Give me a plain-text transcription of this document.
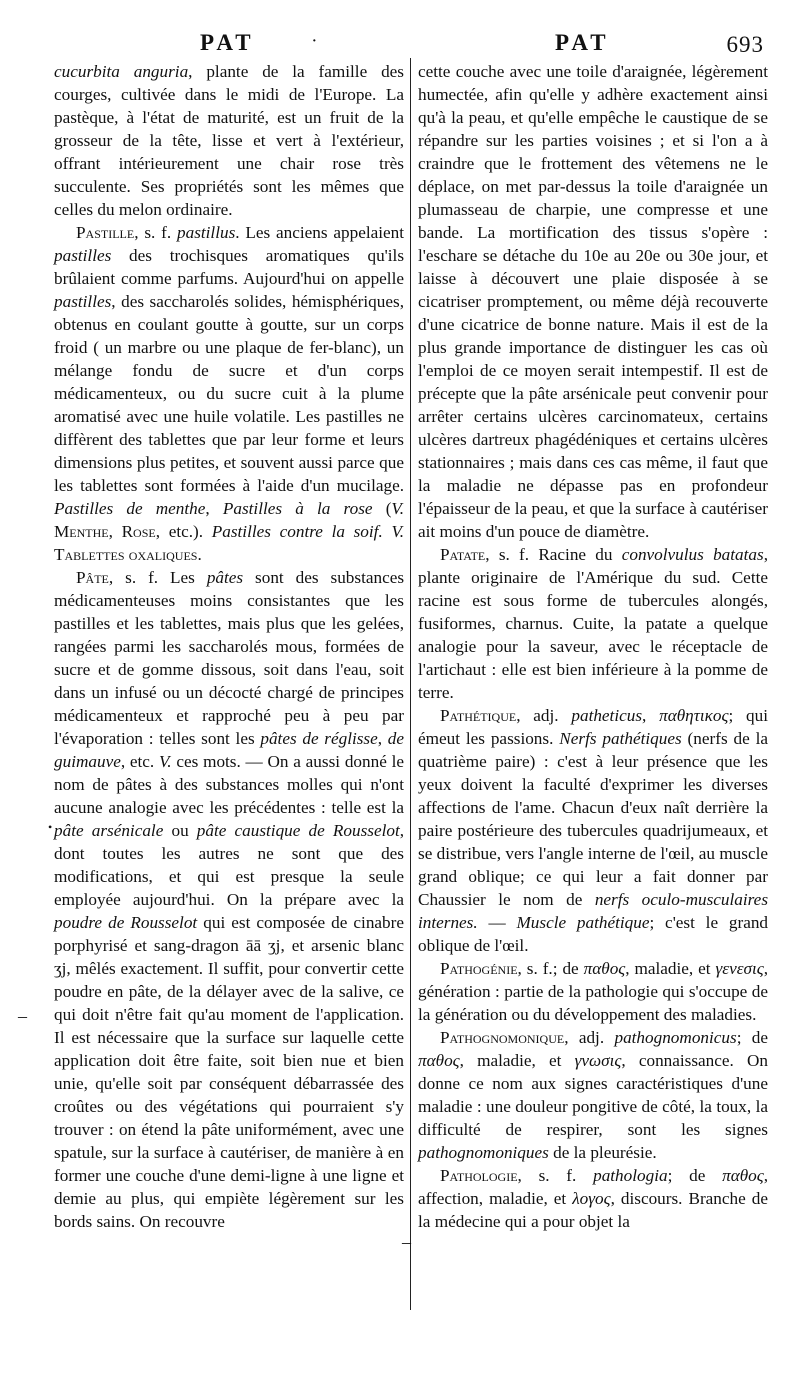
PAT	·	PAT	693

cucurbita anguria, plante de la famille des courges, cultivée dans le midi de l'Europe. La pastèque, à l'état de maturité, est un fruit de la grosseur de la tête, lisse et vert à l'extérieur, offrant intérieurement une chair rose très succulente. Ses propriétés sont les mêmes que celles du melon ordinaire.

Pastille, s. f. pastillus. Les anciens appelaient pastilles des trochisques aromatiques qu'ils brûlaient comme parfums. Aujourd'hui on appelle pastilles, des saccharolés solides, hémisphériques, obtenus en coulant goutte à goutte, sur un corps froid ( un marbre ou une plaque de fer-blanc), un mélange fondu de sucre et d'un corps médicamenteux, ou du sucre cuit à la plume aromatisé avec une huile volatile. Les pastilles ne diffèrent des tablettes que par leur forme et leurs dimensions plus petites, et souvent aussi parce que les tablettes sont formées à l'aide d'un mucilage. Pastilles de menthe, Pastilles à la rose (V. Menthe, Rose, etc.). Pastilles contre la soif. V. Tablettes oxaliques.

Pâte, s. f. Les pâtes sont des substances médicamenteuses moins consistantes que les pastilles et les tablettes, mais plus que les gelées, rangées parmi les saccharolés mous, formées de sucre et de gomme dissous, soit dans l'eau, soit dans un infusé ou un décocté chargé de principes médicamenteux et rapproché peu à peu par l'évaporation : telles sont les pâtes de réglisse, de guimauve, etc. V. ces mots. — On a aussi donné le nom de pâtes à des substances molles qui n'ont aucune analogie avec les précédentes : telle est la pâte arsénicale ou pâte caustique de Rousselot, dont toutes les autres ne sont que des modifications, et qui est presque la seule employée aujourd'hui. On la prépare avec la poudre de Rousselot qui est composée de cinabre porphyrisé et sang-dragon āā ʒj, et arsenic blanc ʒj, mêlés exactement. Il suffit, pour convertir cette poudre en pâte, de la délayer avec de la salive, ce qui doit n'être fait qu'au moment de l'application. Il est nécessaire que la surface sur laquelle cette application doit être faite, soit bien nue et bien unie, qu'elle soit par conséquent débarrassée des croûtes ou des végétations qui pourraient s'y trouver : on étend la pâte uniformément, avec une spatule, sur la surface à cautériser, de manière à en former une couche d'une demi-ligne à une ligne et demie au plus, qui empiète légèrement sur les bords sains. On recouvre

cette couche avec une toile d'araignée, légèrement humectée, afin qu'elle y adhère exactement ainsi qu'à la peau, et qu'elle empêche le caustique de se répandre sur les parties voisines ; et si l'on a à craindre que le frottement des vêtemens ne le déplace, on met par-dessus la toile d'araignée un plumasseau de charpie, une compresse et une bande. La mortification des tissus s'opère : l'eschare se détache du 10e au 20e ou 30e jour, et laisse à découvert une plaie disposée à se cicatriser promptement, ou même déjà recouverte d'une cicatrice de bonne nature. Mais il est de la plus grande importance de distinguer les cas où l'emploi de ce moyen serait intempestif. Il est de précepte que la pâte arsénicale peut convenir pour arrêter certains ulcères carcinomateux, certains ulcères dartreux phagédéniques et certains ulcères stationnaires ; mais dans ces cas même, il faut que la maladie ne dépasse pas en profondeur l'épaisseur de la peau, et que la surface à cautériser ait moins d'un pouce de diamètre.

Patate, s. f. Racine du convolvulus batatas, plante originaire de l'Amérique du sud. Cette racine est sous forme de tubercules alongés, fusiformes, charnus. Cuite, la patate a quelque analogie pour la saveur, avec le réceptacle de l'artichaut : elle est bien inférieure à la pomme de terre.

Pathétique, adj. patheticus, παθητικος; qui émeut les passions. Nerfs pathétiques (nerfs de la quatrième paire) : c'est à leur présence que les yeux doivent la faculté d'exprimer les diverses affections de l'ame. Chacun d'eux naît derrière la paire postérieure des tubercules quadrijumeaux, et se distribue, vers l'angle interne de l'œil, au muscle grand oblique; ce qui leur a fait donner par Chaussier le nom de nerfs oculo-musculaires internes. — Muscle pathétique; c'est le grand oblique de l'œil.

Pathogénie, s. f.; de παθος, maladie, et γενεσις, génération : partie de la pathologie qui s'occupe de la génération ou du développement des maladies.

Pathognomonique, adj. pathognomonicus; de παθος, maladie, et γνωσις, connaissance. On donne ce nom aux signes caractéristiques d'une maladie : une douleur pongitive de côté, la toux, la difficulté de respirer, sont les signes pathognomoniques de la pleurésie.

Pathologie, s. f. pathologia; de παθος, affection, maladie, et λογος, discours. Branche de la médecine qui a pour objet la

–
•
–
